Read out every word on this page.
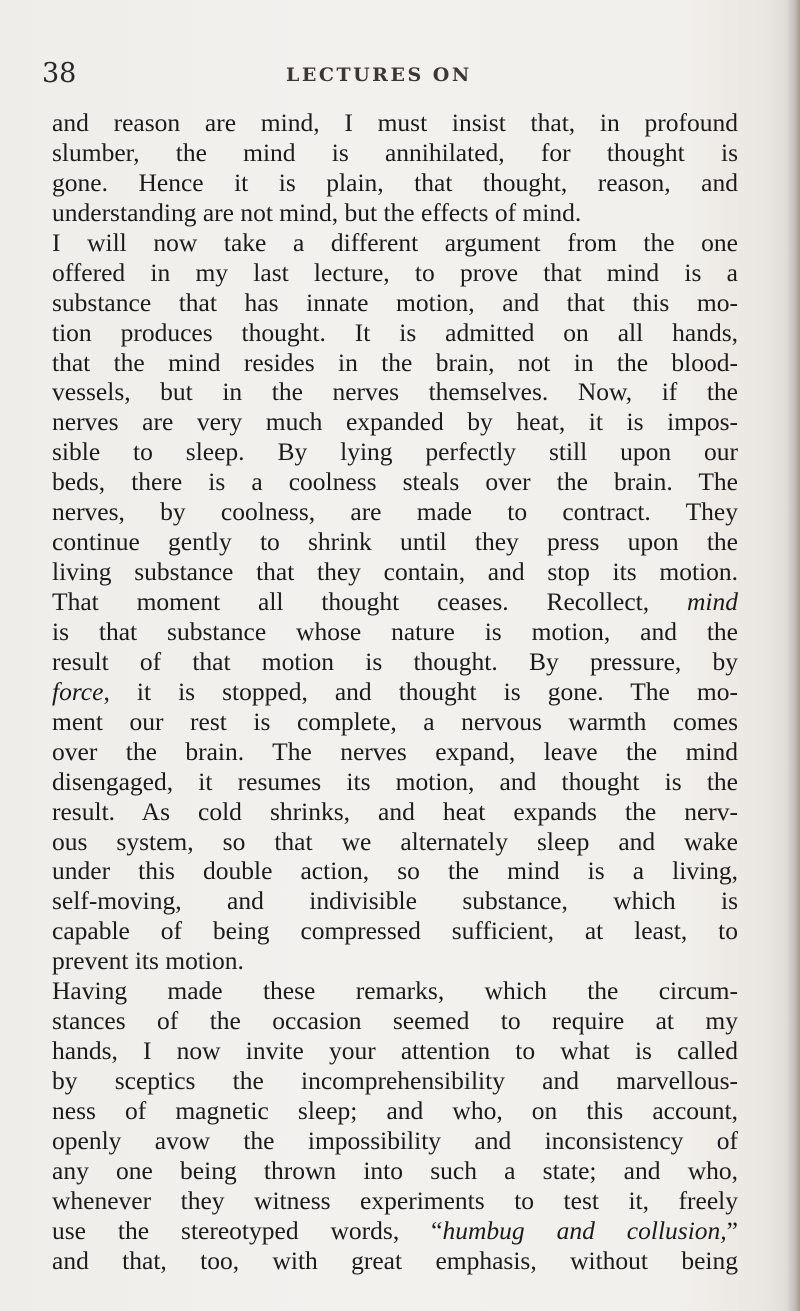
38	LECTURES ON
and reason are mind, I must insist that, in profound
slumber, the mind is annihilated, for thought is
gone. Hence it is plain, that thought, reason, and
understanding are not mind, but the effects of mind.
I will now take a different argument from the one
offered in my last lecture, to prove that mind is a
substance that has innate motion, and that this mo-
tion produces thought. It is admitted on all hands,
that the mind resides in the brain, not in the blood-
vessels, but in the nerves themselves. Now, if the
nerves are very much expanded by heat, it is impos-
sible to sleep. By lying perfectly still upon our
beds, there is a coolness steals over the brain. The
nerves, by coolness, are made to contract. They
continue gently to shrink until they press upon the
living substance that they contain, and stop its motion.
That moment all thought ceases. Recollect, mind
is that substance whose nature is motion, and the
result of that motion is thought. By pressure, by
force, it is stopped, and thought is gone. The mo-
ment our rest is complete, a nervous warmth comes
over the brain. The nerves expand, leave the mind
disengaged, it resumes its motion, and thought is the
result. As cold shrinks, and heat expands the nerv-
ous system, so that we alternately sleep and wake
under this double action, so the mind is a living,
self-moving, and indivisible substance, which is
capable of being compressed sufficient, at least, to
prevent its motion.
Having made these remarks, which the circum-
stances of the occasion seemed to require at my
hands, I now invite your attention to what is called
by sceptics the incomprehensibility and marvellous-
ness of magnetic sleep; and who, on this account,
openly avow the impossibility and inconsistency of
any one being thrown into such a state; and who,
whenever they witness experiments to test it, freely
use the stereotyped words, “humbug and collusion,”
and that, too, with great emphasis, without being
